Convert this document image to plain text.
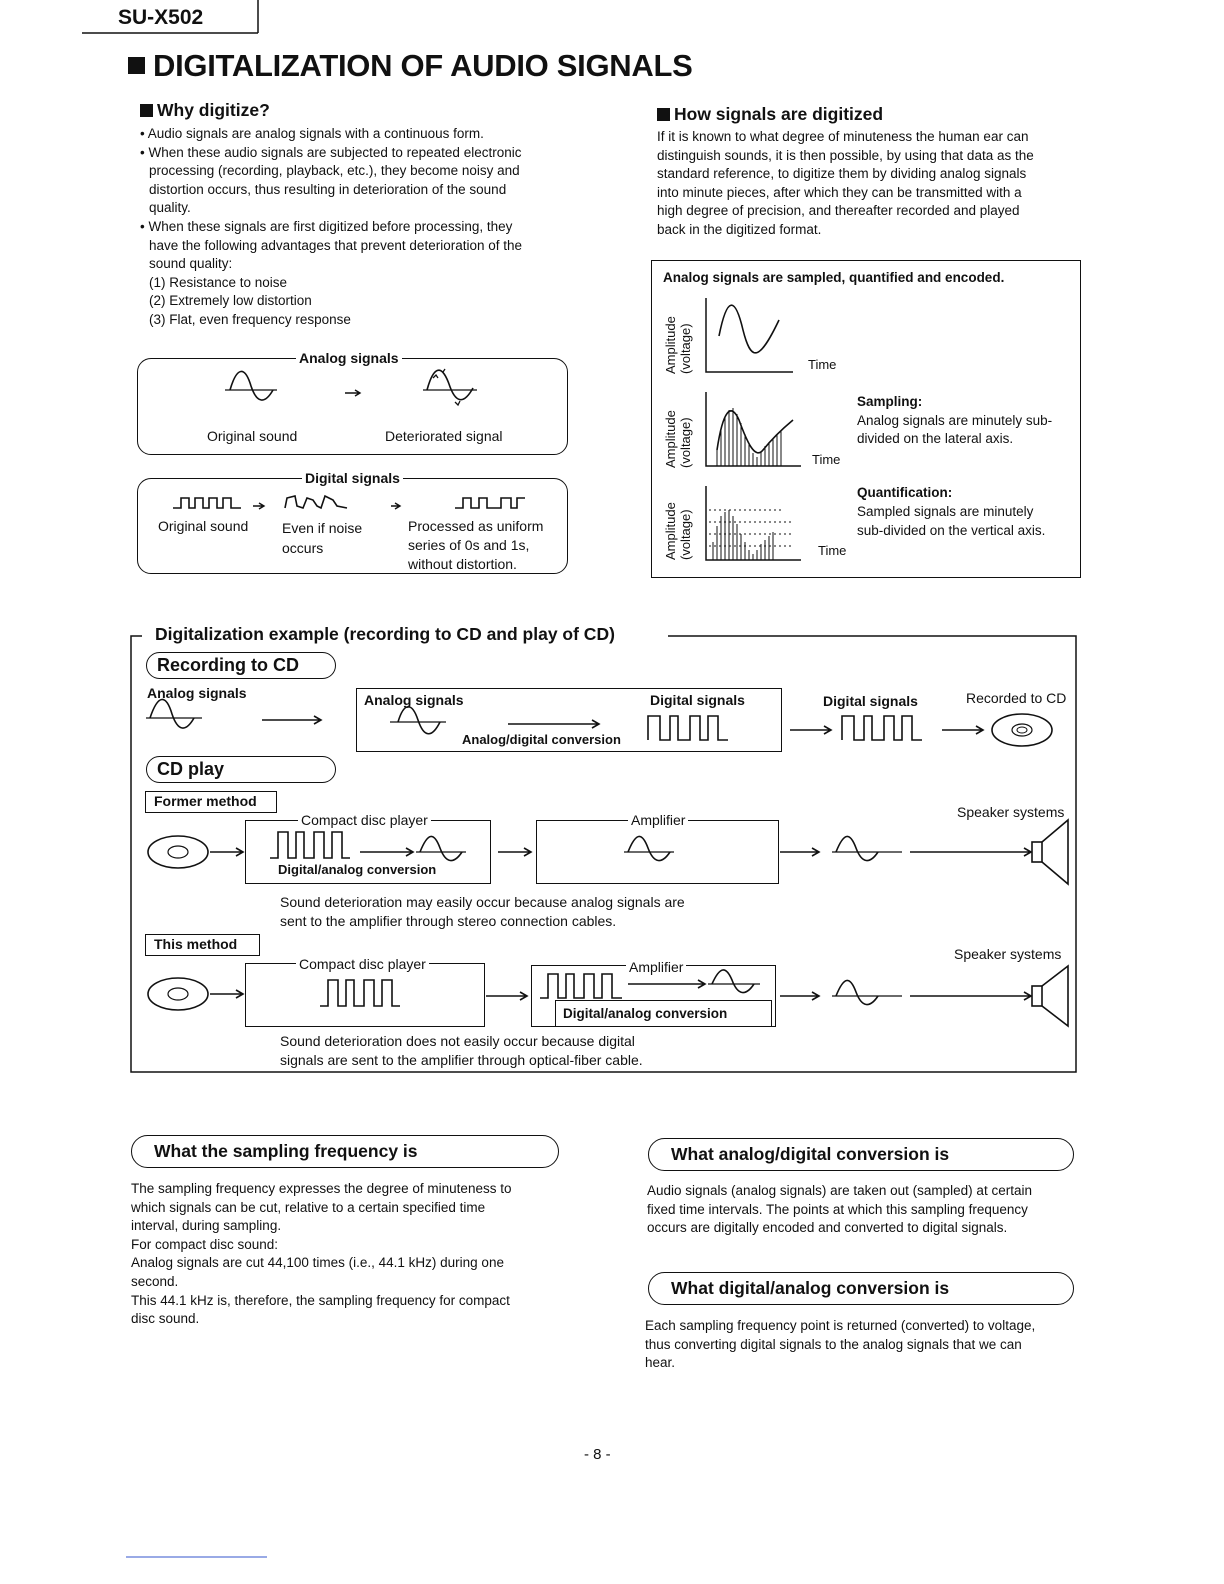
SU-X502
DIGITALIZATION OF AUDIO SIGNALS
Why digitize?
• Audio signals are analog signals with a continuous form.
• When these audio signals are subjected to repeated electronic
processing (recording, playback, etc.), they become noisy and
distortion occurs, thus resulting in deterioration of the sound
quality.
• When these signals are first digitized before processing, they
have the following advantages that prevent deterioration of the
sound quality:
(1) Resistance to noise
(2) Extremely low distortion
(3) Flat, even frequency response
Analog signals
Original sound	Deteriorated signal
Digital signals
Original sound Even if noise
occurs
Processed as uniform
series of 0s and 1s,
without distortion.
How signals are digitized
If it is known to what degree of minuteness the human ear can
distinguish sounds, it is then possible, by using that data as the
standard reference, to digitize them by dividing analog signals
into minute pieces, after which they can be transmitted with a
high degree of precision, and thereafter recorded and played
back in the digitized format.
Analog signals are sampled, quantified and encoded.
Amplitude (voltage)
Amplitude (voltage)
Amplitude (voltage)
Time
Time
Time
Sampling:
Analog signals are minutely sub-
divided on the lateral axis.
Quantification:
Sampled signals are minutely
sub-divided on the vertical axis.
Digitalization example (recording to CD and play of CD)
Recording to CD
Analog signals	Analog signals	Digital signals
Analog/digital conversion
Digital signals	Recorded to CD
CD play
Former method
Compact disc player
Digital/analog conversion
Amplifier	Speaker systems
Sound deterioration may easily occur because analog signals are
sent to the amplifier through stereo connection cables.
This method
Compact disc player	Amplifier
Digital/analog conversion
Speaker systems
Sound deterioration does not easily occur because digital
signals are sent to the amplifier through optical-fiber cable.
What the sampling frequency is
The sampling frequency expresses the degree of minuteness to
which signals can be cut, relative to a certain specified time
interval, during sampling.
For compact disc sound:
Analog signals are cut 44,100 times (i.e., 44.1 kHz) during one
second.
This 44.1 kHz is, therefore, the sampling frequency for compact
disc sound.
What analog/digital conversion is
Audio signals (analog signals) are taken out (sampled) at certain
fixed time intervals. The points at which this sampling frequency
occurs are digitally encoded and converted to digital signals.
What digital/analog conversion is
Each sampling frequency point is returned (converted) to voltage,
thus converting digital signals to the analog signals that we can
hear.
- 8 -
